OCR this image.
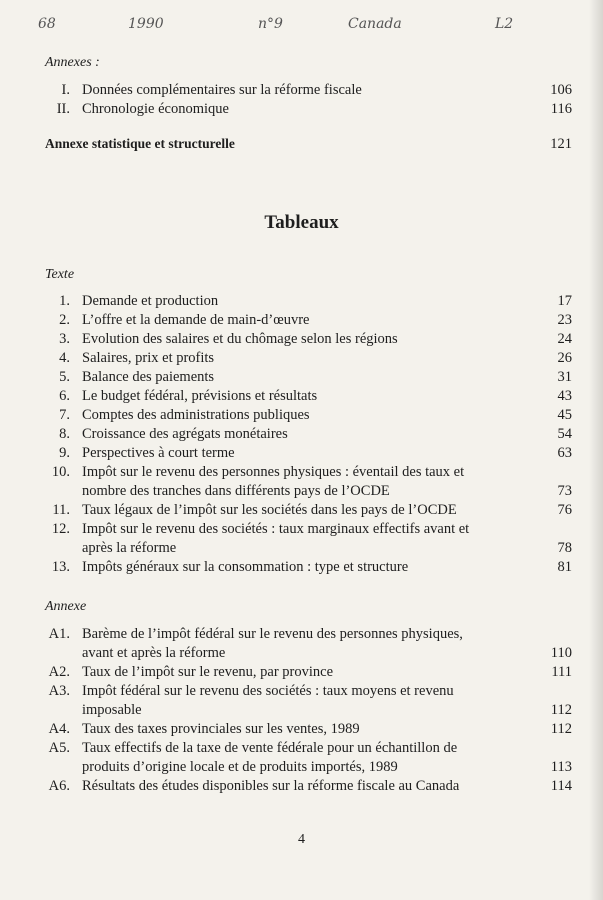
68	1990	n°9	Canada	L2
Annexes :
I. Données complémentaires sur la réforme fiscale	106
II. Chronologie économique	116
Annexe statistique et structurelle	121
Tableaux
Texte
1. Demande et production	17
2. L’offre et la demande de main-d’œuvre	23
3. Evolution des salaires et du chômage selon les régions	24
4. Salaires, prix et profits	26
5. Balance des paiements	31
6. Le budget fédéral, prévisions et résultats	43
7. Comptes des administrations publiques	45
8. Croissance des agrégats monétaires	54
9. Perspectives à court terme	63
10. Impôt sur le revenu des personnes physiques : éventail des taux et
nombre des tranches dans différents pays de l’OCDE	73
11. Taux légaux de l’impôt sur les sociétés dans les pays de l’OCDE	76
12. Impôt sur le revenu des sociétés : taux marginaux effectifs avant et
après la réforme	78
13. Impôts généraux sur la consommation : type et structure	81
Annexe
A1. Barème de l’impôt fédéral sur le revenu des personnes physiques,
avant et après la réforme	110
A2. Taux de l’impôt sur le revenu, par province	111
A3. Impôt fédéral sur le revenu des sociétés : taux moyens et revenu
imposable	112
A4. Taux des taxes provinciales sur les ventes, 1989	112
A5. Taux effectifs de la taxe de vente fédérale pour un échantillon de
produits d’origine locale et de produits importés, 1989	113
A6. Résultats des études disponibles sur la réforme fiscale au Canada	114
4
